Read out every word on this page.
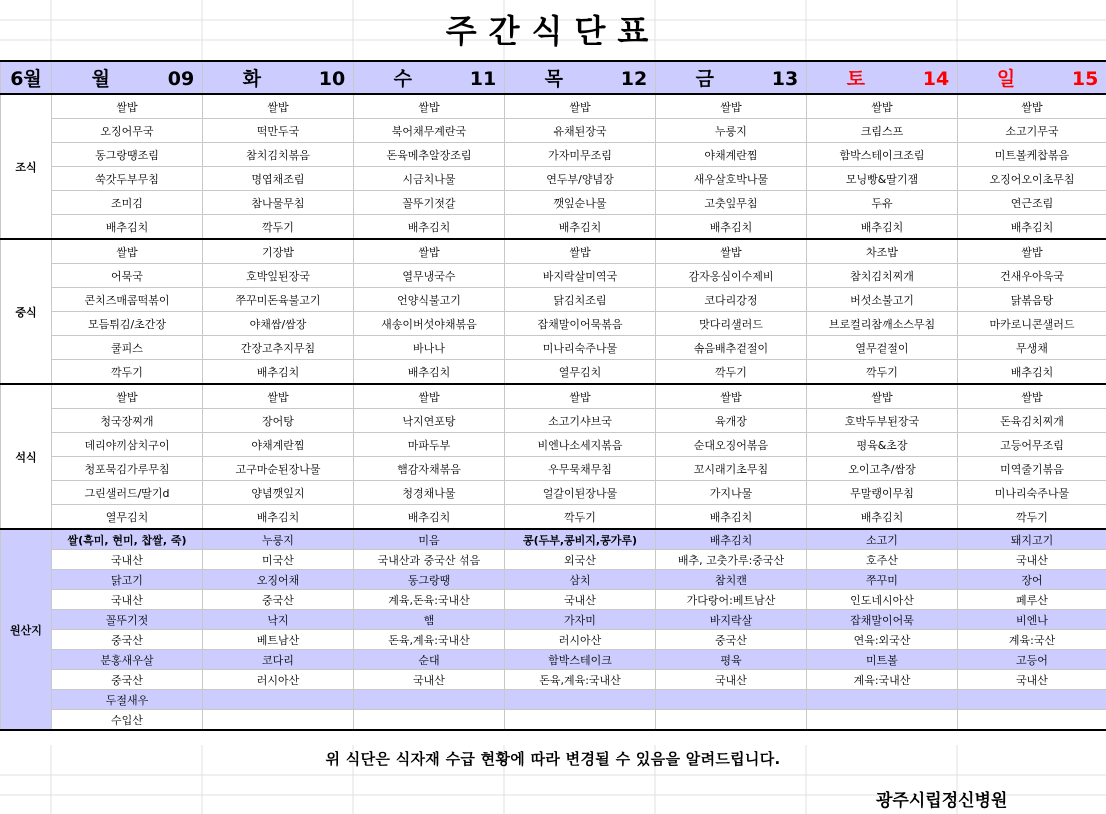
주간식단표
6월	월 09	화 10	수 11	목 12	금 13	토 14	일 15
조식	쌀밥	쌀밥	쌀밥	쌀밥	쌀밥	쌀밥	쌀밥
	오징어무국	떡만두국	북어채무계란국	유채된장국	누룽지	크림스프	소고기무국
	동그랑땡조림	참치김치볶음	돈육메추알장조림	가자미무조림	야채계란찜	함박스테이크조림	미트볼케찹볶음
	쑥갓두부무침	명엽채조림	시금치나물	연두부/양념장	새우살호박나물	모닝빵&딸기잼	오징어오이초무침
	조미김	참나물무침	꼴뚜기젓갈	깻잎순나물	고춧잎무침	두유	연근조림
	배추김치	깍두기	배추김치	배추김치	배추김치	배추김치	배추김치
중식	쌀밥	기장밥	쌀밥	쌀밥	쌀밥	차조밥	쌀밥
	어묵국	호박잎된장국	열무냉국수	바지락살미역국	감자옹심이수제비	참치김치찌개	건새우아욱국
	콘치즈매콤떡볶이	쭈꾸미돈육불고기	언양식불고기	닭김치조림	코다리강정	버섯소불고기	닭볶음탕
	모듬튀김/초간장	야채쌈/쌈장	새송이버섯야채볶음	잡채말이어묵볶음	맛다리샐러드	브로컬리참깨소스무침	마카로니콘샐러드
	쿨피스	간장고추지무침	바나나	미나리숙주나물	솎음배추겉절이	열무겉절이	무생채
	깍두기	배추김치	배추김치	열무김치	깍두기	깍두기	배추김치
석식	쌀밥	쌀밥	쌀밥	쌀밥	쌀밥	쌀밥	쌀밥
	청국장찌개	장어탕	낙지연포탕	소고기샤브국	육개장	호박두부된장국	돈육김치찌개
	데리야끼삼치구이	야채계란찜	마파두부	비엔나소세지볶음	순대오징어볶음	평육&초장	고등어무조림
	청포묵김가루무침	고구마순된장나물	햄감자채볶음	우무묵채무침	꼬시래기초무침	오이고추/쌈장	미역줄기볶음
	그린샐러드/딸기d	양념깻잎지	청경채나물	얼갈이된장나물	가지나물	무말랭이무침	미나리숙주나물
	열무김치	배추김치	배추김치	깍두기	배추김치	배추김치	깍두기
원산지	쌀(흑미, 현미, 찹쌀, 죽)	누룽지	미음	콩(두부,콩비지,콩가루)	배추김치	소고기	돼지고기
	국내산	미국산	국내산과 중국산 섞음	외국산	배추, 고춧가루:중국산	호주산	국내산
	닭고기	오징어채	동그랑땡	삼치	참치캔	쭈꾸미	장어
	국내산	중국산	계육,돈육:국내산	국내산	가다랑어:베트남산	인도네시아산	페루산
	꼴뚜기젓	낙지	햄	가자미	바지락살	잡채말이어묵	비엔나
	중국산	베트남산	돈육,계육:국내산	러시아산	중국산	연육:외국산	계육:국산
	분홍새우살	코다리	순대	함박스테이크	평육	미트볼	고등어
	중국산	러시아산	국내산	돈육,계육:국내산	국내산	계육:국내산	국내산
	두절새우						
	수입산						
위 식단은 식자재 수급 현황에 따라 변경될 수 있음을 알려드립니다.
광주시립정신병원
